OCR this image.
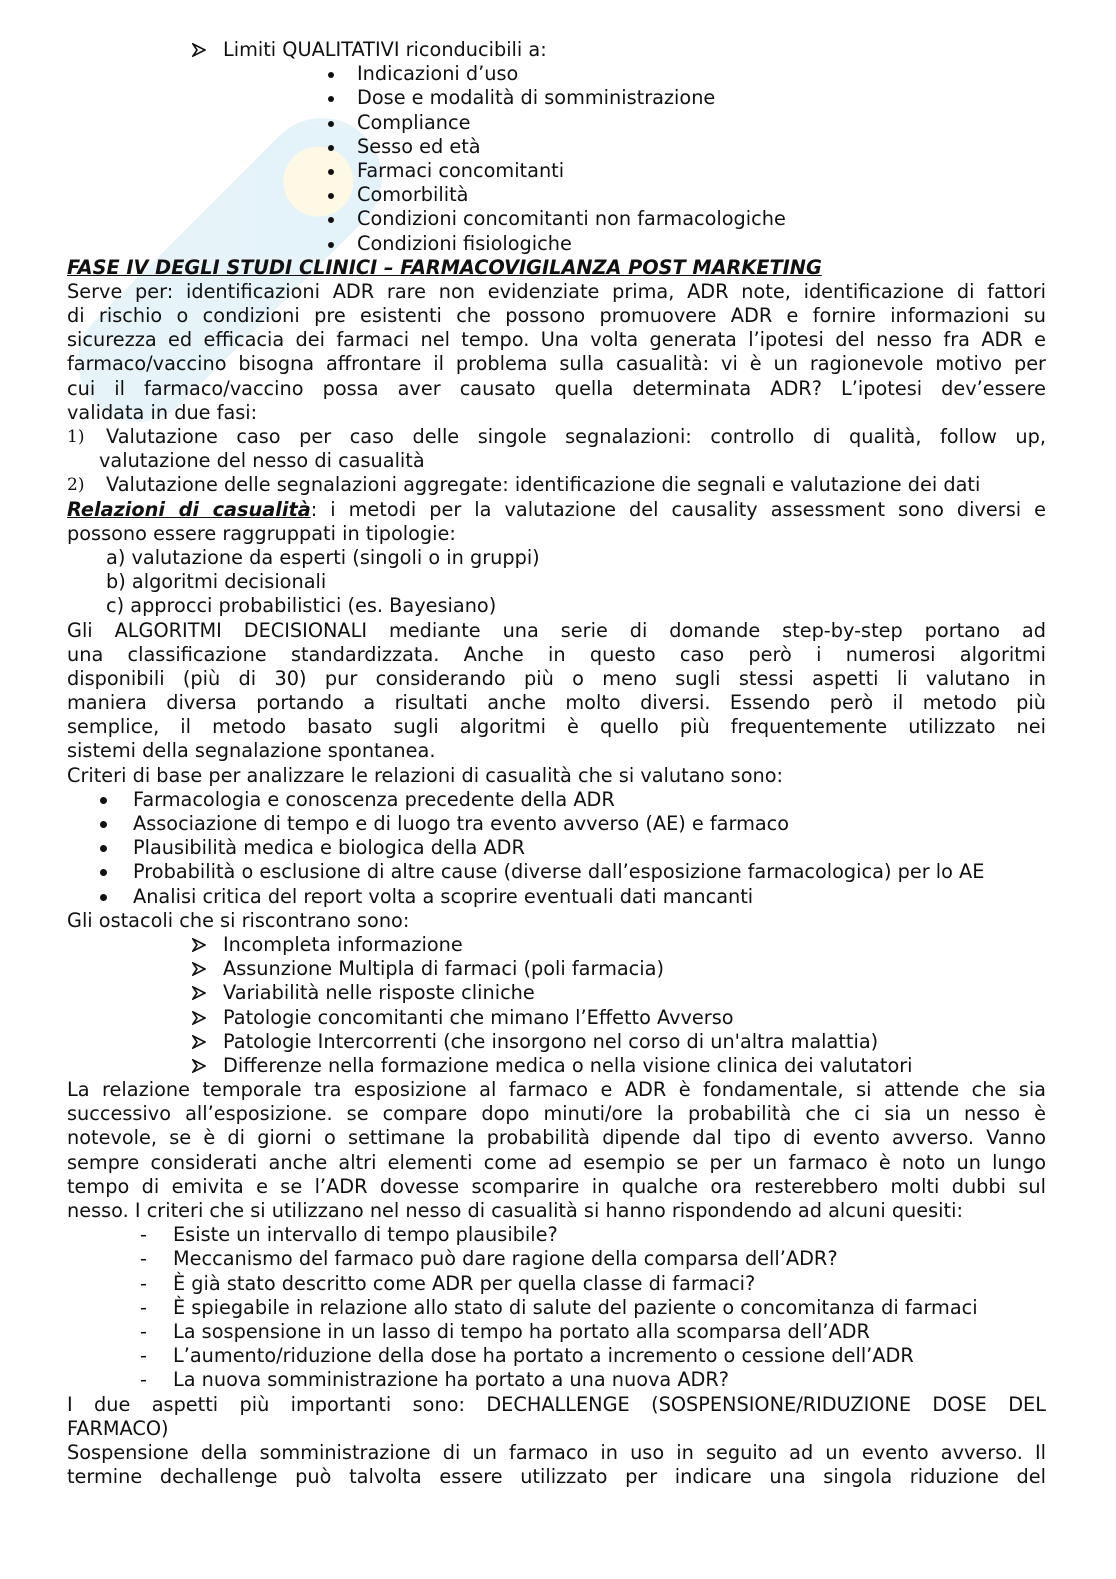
Limiti QUALITATIVI riconducibili a:
Indicazioni d’uso
Dose e modalità di somministrazione
Compliance
Sesso ed età
Farmaci concomitanti
Comorbilità
Condizioni concomitanti non farmacologiche
Condizioni fisiologiche
FASE IV DEGLI STUDI CLINICI – FARMACOVIGILANZA POST MARKETING
Serve per: identificazioni ADR rare non evidenziate prima, ADR note, identificazione di fattori
di rischio o condizioni pre esistenti che possono promuovere ADR e fornire informazioni su
sicurezza ed efficacia dei farmaci nel tempo. Una volta generata l’ipotesi del nesso fra ADR e
farmaco/vaccino bisogna affrontare il problema sulla casualità: vi è un ragionevole motivo per
cui il farmaco/vaccino possa aver causato quella determinata ADR? L’ipotesi dev’essere
validata in due fasi:
1) Valutazione caso per caso delle singole segnalazioni: controllo di qualità, follow up,
valutazione del nesso di casualità
2) Valutazione delle segnalazioni aggregate: identificazione die segnali e valutazione dei dati
Relazioni di casualità: i metodi per la valutazione del causality assessment sono diversi e
possono essere raggruppati in tipologie:
a) valutazione da esperti (singoli o in gruppi)
b) algoritmi decisionali
c) approcci probabilistici (es. Bayesiano)
Gli ALGORITMI DECISIONALI mediante una serie di domande step-by-step portano ad
una classificazione standardizzata. Anche in questo caso però i numerosi algoritmi
disponibili (più di 30) pur considerando più o meno sugli stessi aspetti li valutano in
maniera diversa portando a risultati anche molto diversi. Essendo però il metodo più
semplice, il metodo basato sugli algoritmi è quello più frequentemente utilizzato nei
sistemi della segnalazione spontanea.
Criteri di base per analizzare le relazioni di casualità che si valutano sono:
Farmacologia e conoscenza precedente della ADR
Associazione di tempo e di luogo tra evento avverso (AE) e farmaco
Plausibilità medica e biologica della ADR
Probabilità o esclusione di altre cause (diverse dall’esposizione farmacologica) per lo AE
Analisi critica del report volta a scoprire eventuali dati mancanti
Gli ostacoli che si riscontrano sono:
Incompleta informazione
Assunzione Multipla di farmaci (poli farmacia)
Variabilità nelle risposte cliniche
Patologie concomitanti che mimano l’Effetto Avverso
Patologie Intercorrenti (che insorgono nel corso di un'altra malattia)
Differenze nella formazione medica o nella visione clinica dei valutatori
La relazione temporale tra esposizione al farmaco e ADR è fondamentale, si attende che sia
successivo all’esposizione. se compare dopo minuti/ore la probabilità che ci sia un nesso è
notevole, se è di giorni o settimane la probabilità dipende dal tipo di evento avverso. Vanno
sempre considerati anche altri elementi come ad esempio se per un farmaco è noto un lungo
tempo di emivita e se l’ADR dovesse scomparire in qualche ora resterebbero molti dubbi sul
nesso. I criteri che si utilizzano nel nesso di casualità si hanno rispondendo ad alcuni quesiti:
- Esiste un intervallo di tempo plausibile?
- Meccanismo del farmaco può dare ragione della comparsa dell’ADR?
- È già stato descritto come ADR per quella classe di farmaci?
- È spiegabile in relazione allo stato di salute del paziente o concomitanza di farmaci
- La sospensione in un lasso di tempo ha portato alla scomparsa dell’ADR
- L’aumento/riduzione della dose ha portato a incremento o cessione dell’ADR
- La nuova somministrazione ha portato a una nuova ADR?
I due aspetti più importanti sono: DECHALLENGE (SOSPENSIONE/RIDUZIONE DOSE DEL
FARMACO)
Sospensione della somministrazione di un farmaco in uso in seguito ad un evento avverso. Il
termine dechallenge può talvolta essere utilizzato per indicare una singola riduzione del
